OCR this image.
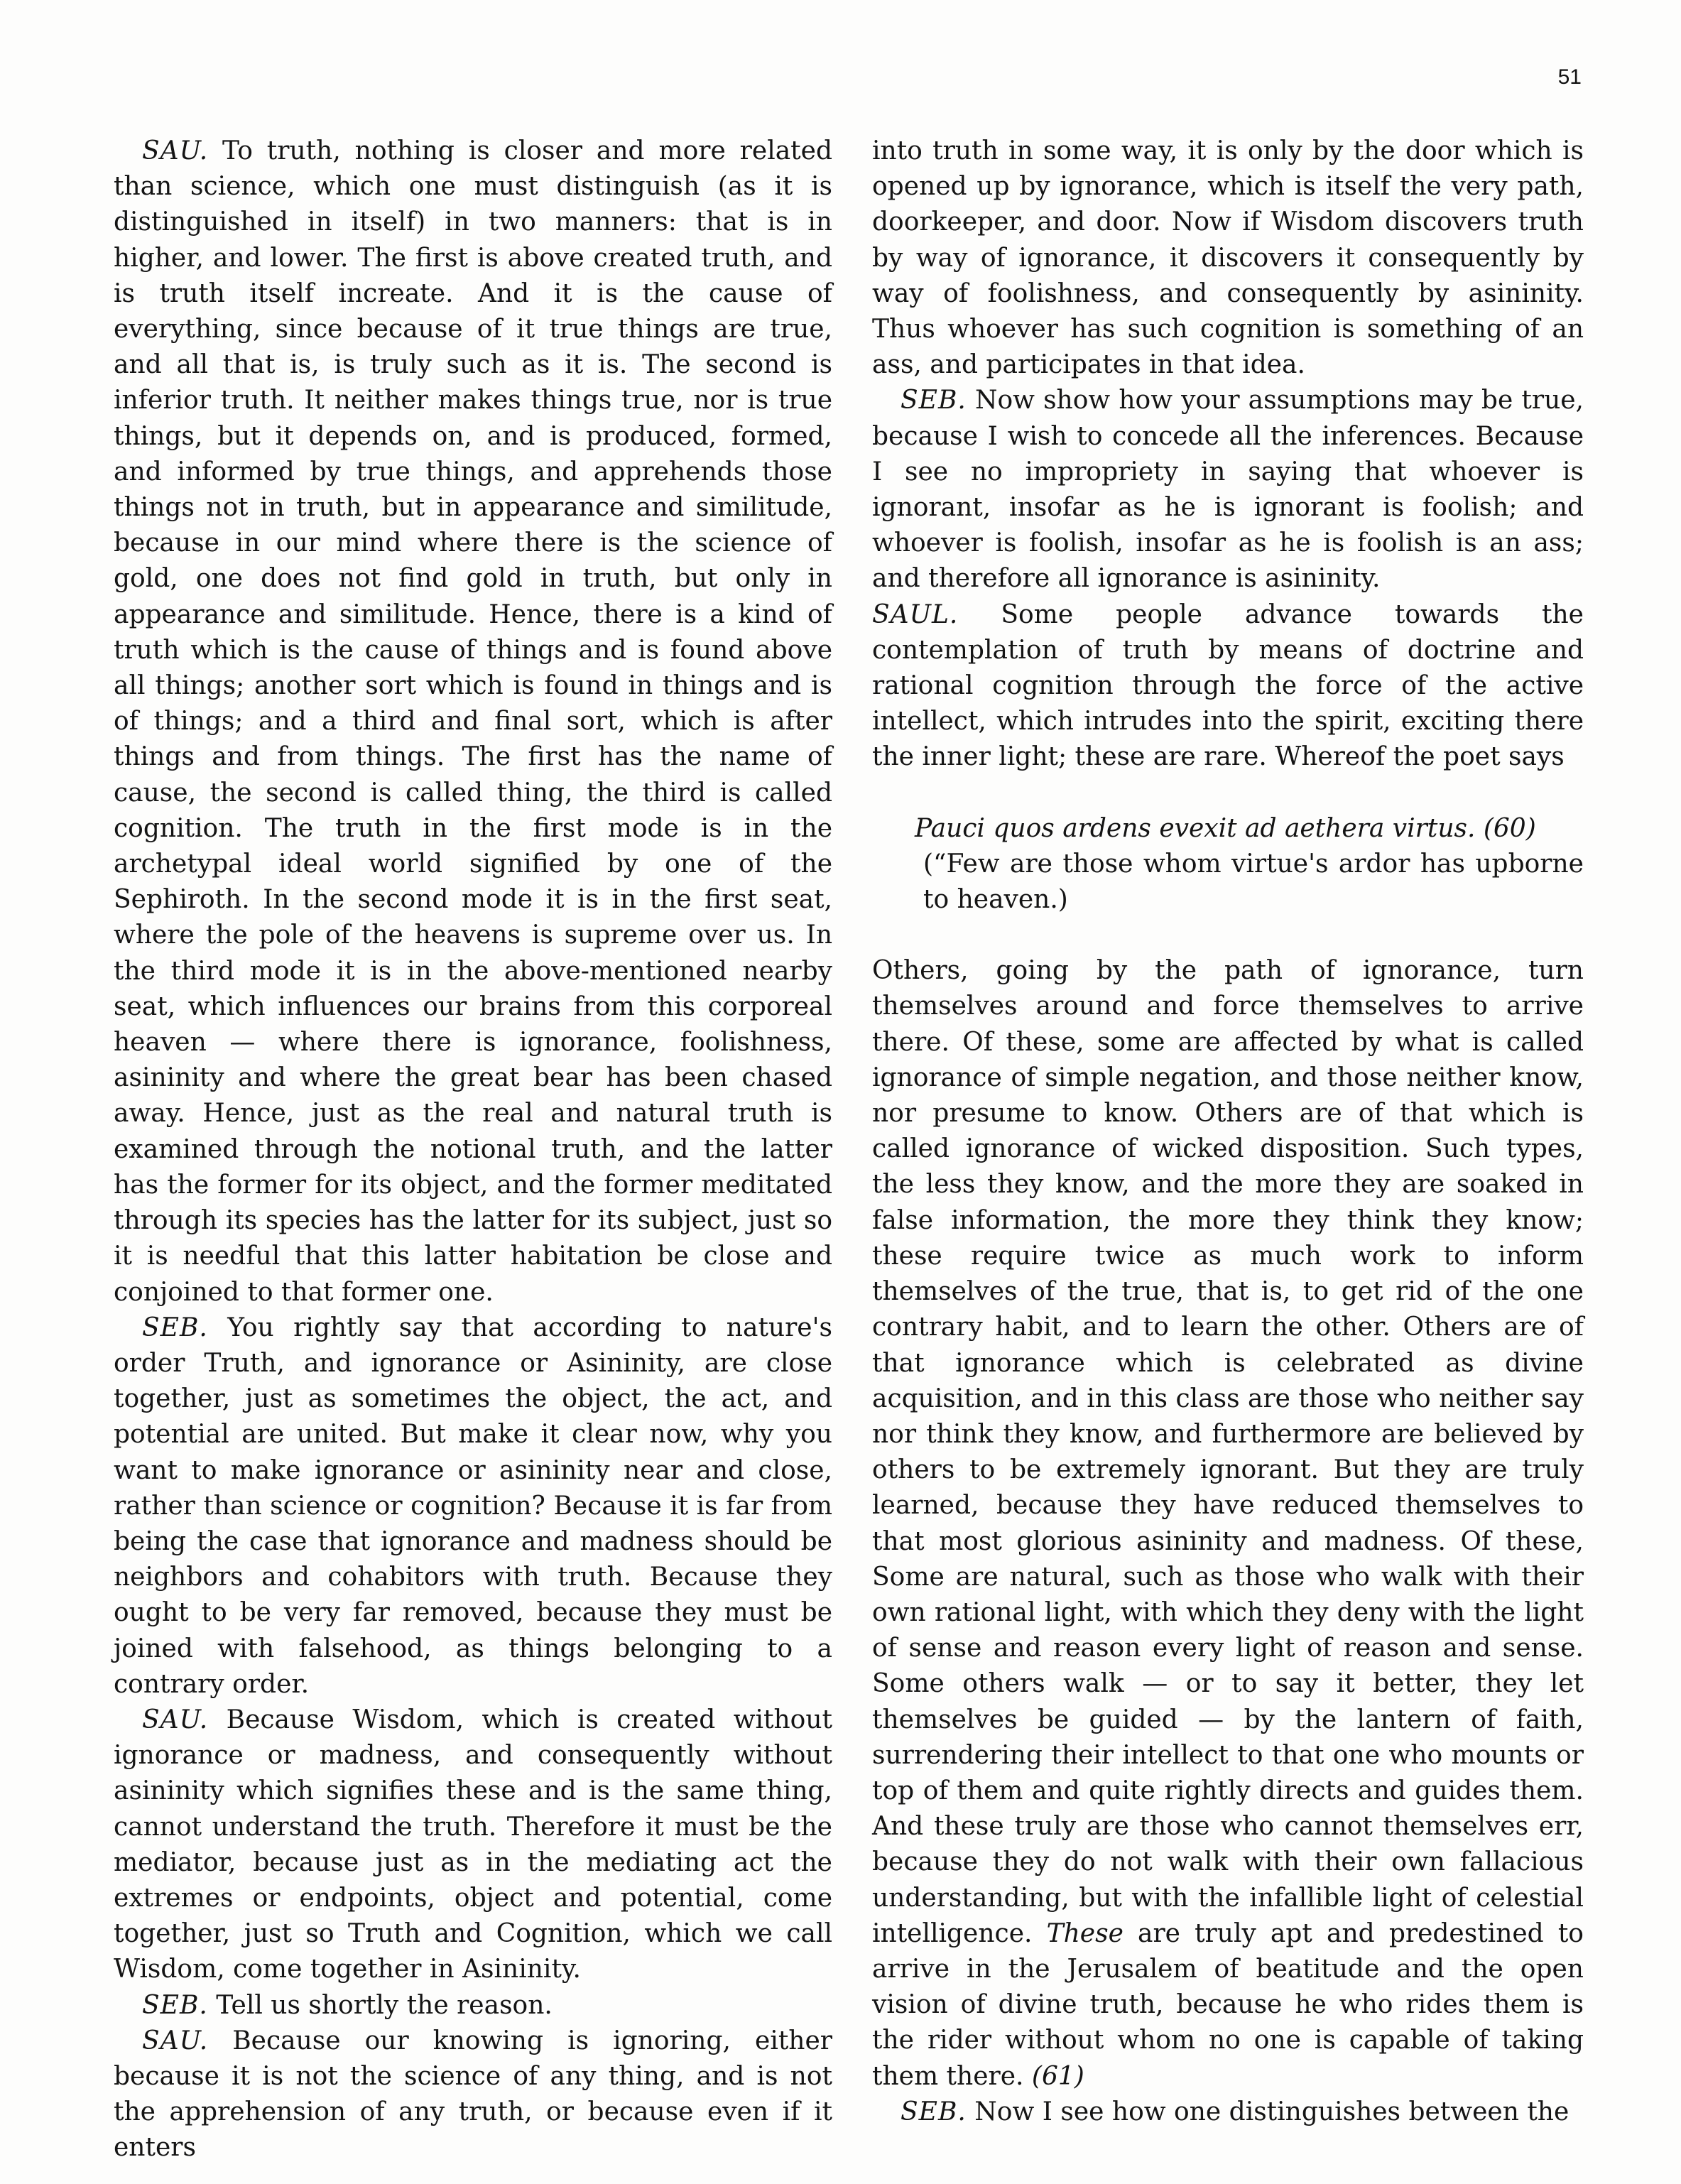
51

SAU. To truth, nothing is closer and more related than science, which one must distinguish (as it is distinguished in itself) in two manners: that is in higher, and lower. The first is above created truth, and is truth itself increate. And it is the cause of everything, since because of it true things are true, and all that is, is truly such as it is. The second is inferior truth. It neither makes things true, nor is true things, but it depends on, and is produced, formed, and informed by true things, and apprehends those things not in truth, but in appearance and similitude, because in our mind where there is the science of gold, one does not find gold in truth, but only in appearance and similitude. Hence, there is a kind of truth which is the cause of things and is found above all things; another sort which is found in things and is of things; and a third and final sort, which is after things and from things. The first has the name of cause, the second is called thing, the third is called cognition. The truth in the first mode is in the archetypal ideal world signified by one of the Sephiroth. In the second mode it is in the first seat, where the pole of the heavens is supreme over us. In the third mode it is in the above-mentioned nearby seat, which influences our brains from this corporeal heaven — where there is ignorance, foolishness, asininity and where the great bear has been chased away. Hence, just as the real and natural truth is examined through the notional truth, and the latter has the former for its object, and the former meditated through its species has the latter for its subject, just so it is needful that this latter habitation be close and conjoined to that former one.

SEB. You rightly say that according to nature's order Truth, and ignorance or Asininity, are close together, just as sometimes the object, the act, and potential are united. But make it clear now, why you want to make ignorance or asininity near and close, rather than science or cognition? Because it is far from being the case that ignorance and madness should be neighbors and cohabitors with truth. Because they ought to be very far removed, because they must be joined with falsehood, as things belonging to a contrary order.

SAU. Because Wisdom, which is created without ignorance or madness, and consequently without asininity which signifies these and is the same thing, cannot understand the truth. Therefore it must be the mediator, because just as in the mediating act the extremes or endpoints, object and potential, come together, just so Truth and Cognition, which we call Wisdom, come together in Asininity.

SEB. Tell us shortly the reason.

SAU. Because our knowing is ignoring, either because it is not the science of any thing, and is not the apprehension of any truth, or because even if it enters

into truth in some way, it is only by the door which is opened up by ignorance, which is itself the very path, doorkeeper, and door. Now if Wisdom discovers truth by way of ignorance, it discovers it consequently by way of foolishness, and consequently by asininity. Thus whoever has such cognition is something of an ass, and participates in that idea.

SEB. Now show how your assumptions may be true, because I wish to concede all the inferences. Because I see no impropriety in saying that whoever is ignorant, insofar as he is ignorant is foolish; and whoever is foolish, insofar as he is foolish is an ass; and therefore all ignorance is asininity.

SAUL. Some people advance towards the contemplation of truth by means of doctrine and rational cognition through the force of the active intellect, which intrudes into the spirit, exciting there the inner light; these are rare. Whereof the poet says

Pauci quos ardens evexit ad aethera virtus. (60)
(“Few are those whom virtue's ardor has upborne to heaven.)

Others, going by the path of ignorance, turn themselves around and force themselves to arrive there. Of these, some are affected by what is called ignorance of simple negation, and those neither know, nor presume to know. Others are of that which is called ignorance of wicked disposition. Such types, the less they know, and the more they are soaked in false information, the more they think they know; these require twice as much work to inform themselves of the true, that is, to get rid of the one contrary habit, and to learn the other. Others are of that ignorance which is celebrated as divine acquisition, and in this class are those who neither say nor think they know, and furthermore are believed by others to be extremely ignorant. But they are truly learned, because they have reduced themselves to that most glorious asininity and madness. Of these, Some are natural, such as those who walk with their own rational light, with which they deny with the light of sense and reason every light of reason and sense. Some others walk — or to say it better, they let themselves be guided — by the lantern of faith, surrendering their intellect to that one who mounts or top of them and quite rightly directs and guides them. And these truly are those who cannot themselves err, because they do not walk with their own fallacious understanding, but with the infallible light of celestial intelligence. These are truly apt and predestined to arrive in the Jerusalem of beatitude and the open vision of divine truth, because he who rides them is the rider without whom no one is capable of taking them there. (61)

SEB. Now I see how one distinguishes between the
